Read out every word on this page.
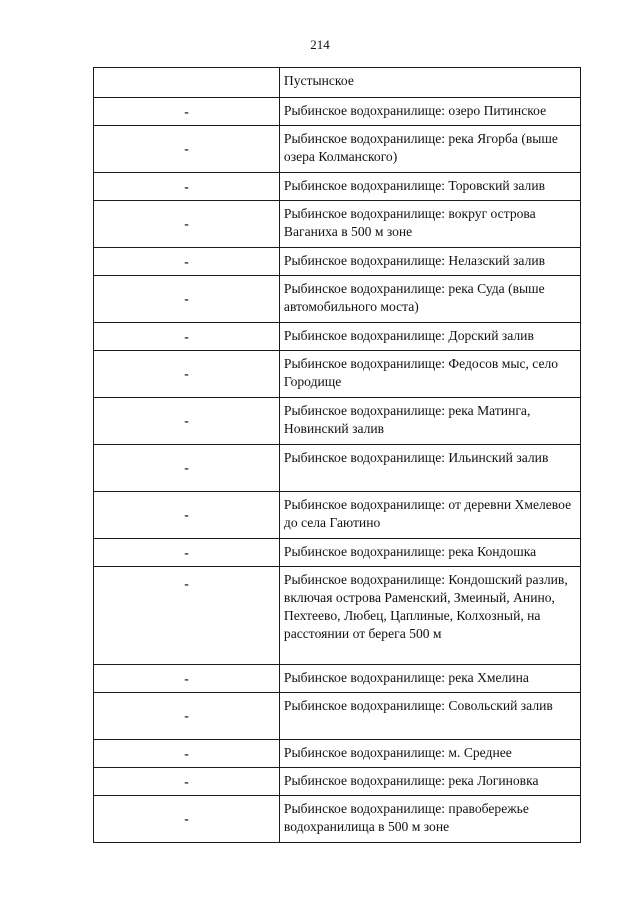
214
	Пустынское
-	Рыбинское водохранилище: озеро Питинское
-	Рыбинское водохранилище: река Ягорба (выше озера Колманского)
-	Рыбинское водохранилище: Торовский залив
-	Рыбинское водохранилище: вокруг острова Ваганиха в 500 м зоне
-	Рыбинское водохранилище: Нелазский залив
-	Рыбинское водохранилище: река Суда (выше автомобильного моста)
-	Рыбинское водохранилище: Дорский залив
-	Рыбинское водохранилище: Федосов мыс, село Городище
-	Рыбинское водохранилище: река Матинга, Новинский залив
-	Рыбинское водохранилище: Ильинский залив
-	Рыбинское водохранилище: от деревни Хмелевое до села Гаютино
-	Рыбинское водохранилище: река Кондошка
-	Рыбинское водохранилище: Кондошский разлив, включая острова Раменский, Змеиный, Анино, Пехтеево, Любец, Цаплиные, Колхозный, на расстоянии от берега 500 м
-	Рыбинское водохранилище: река Хмелина
-	Рыбинское водохранилище: Совольский залив
-	Рыбинское водохранилище: м. Среднее
-	Рыбинское водохранилище: река Логиновка
-	Рыбинское водохранилище: правобережье водохранилища в 500 м зоне
